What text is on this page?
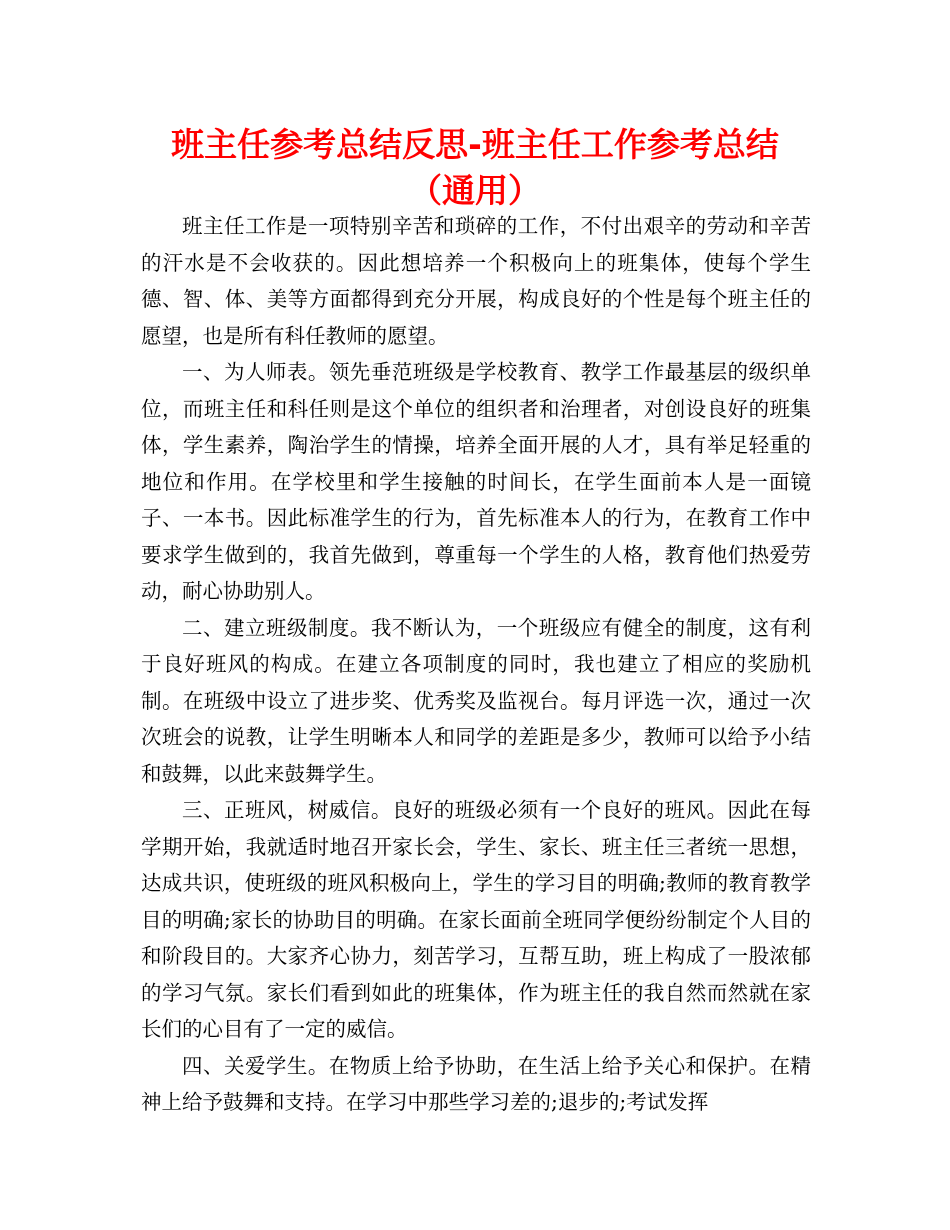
班主任参考总结反思-班主任工作参考总结（通用）

班主任工作是一项特别辛苦和琐碎的工作，不付出艰辛的劳动和辛苦的汗水是不会收获的。因此想培养一个积极向上的班集体，使每个学生德、智、体、美等方面都得到充分开展，构成良好的个性是每个班主任的愿望，也是所有科任教师的愿望。

一、为人师表。领先垂范班级是学校教育、教学工作最基层的级织单位，而班主任和科任则是这个单位的组织者和治理者，对创设良好的班集体，学生素养，陶治学生的情操，培养全面开展的人才，具有举足轻重的地位和作用。在学校里和学生接触的时间长，在学生面前本人是一面镜子、一本书。因此标准学生的行为，首先标准本人的行为，在教育工作中要求学生做到的，我首先做到，尊重每一个学生的人格，教育他们热爱劳动，耐心协助别人。

二、建立班级制度。我不断认为，一个班级应有健全的制度，这有利于良好班风的构成。在建立各项制度的同时，我也建立了相应的奖励机制。在班级中设立了进步奖、优秀奖及监视台。每月评选一次，通过一次次班会的说教，让学生明晰本人和同学的差距是多少，教师可以给予小结和鼓舞，以此来鼓舞学生。

三、正班风，树威信。良好的班级必须有一个良好的班风。因此在每学期开始，我就适时地召开家长会，学生、家长、班主任三者统一思想，达成共识，使班级的班风积极向上，学生的学习目的明确;教师的教育教学目的明确;家长的协助目的明确。在家长面前全班同学便纷纷制定个人目的和阶段目的。大家齐心协力，刻苦学习，互帮互助，班上构成了一股浓郁的学习气氛。家长们看到如此的班集体，作为班主任的我自然而然就在家长们的心目有了一定的威信。

四、关爱学生。在物质上给予协助，在生活上给予关心和保护。在精神上给予鼓舞和支持。在学习中那些学习差的;退步的;考试发挥
